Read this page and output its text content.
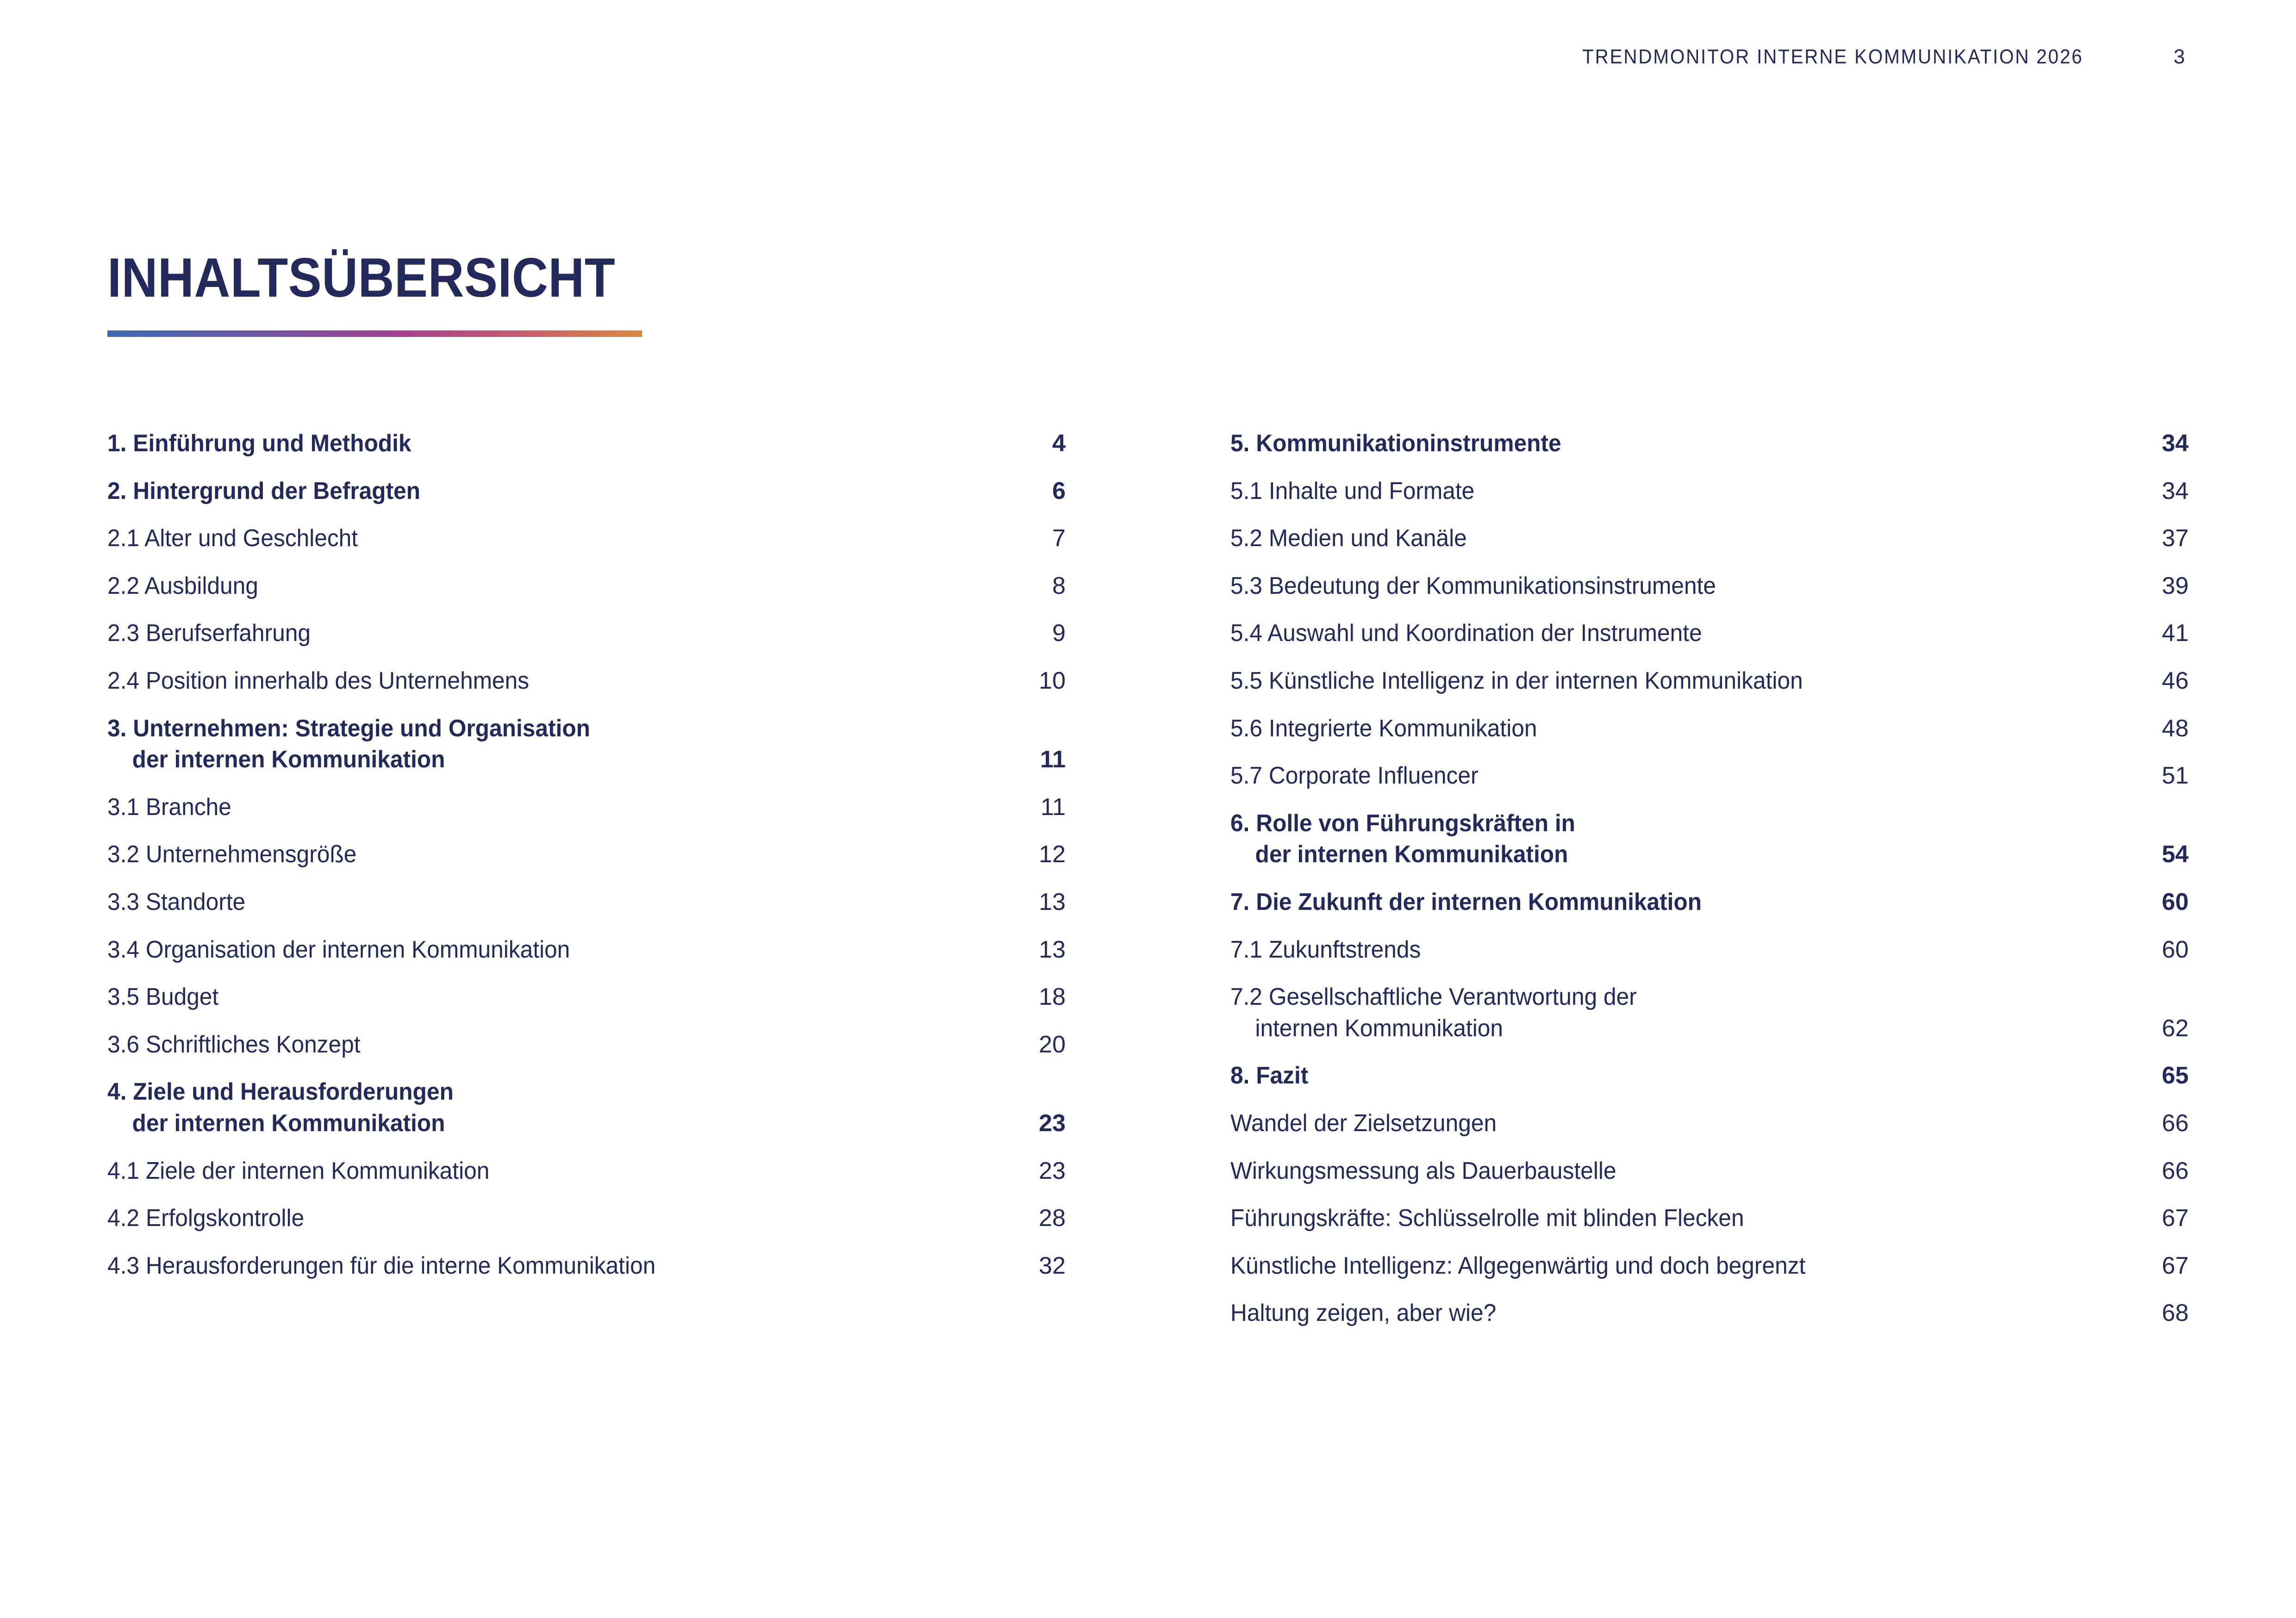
TRENDMONITOR INTERNE KOMMUNIKATION 2026	3
INHALTSÜBERSICHT
1. Einführung und Methodik	4
2. Hintergrund der Befragten	6
2.1 Alter und Geschlecht	7
2.2 Ausbildung	8
2.3 Berufserfahrung	9
2.4 Position innerhalb des Unternehmens	10
3. Unternehmen: Strategie und Organisation
der internen Kommunikation	11
3.1 Branche	11
3.2 Unternehmensgröße	12
3.3 Standorte	13
3.4 Organisation der internen Kommunikation	13
3.5 Budget	18
3.6 Schriftliches Konzept	20
4. Ziele und Herausforderungen
der internen Kommunikation	23
4.1 Ziele der internen Kommunikation	23
4.2 Erfolgskontrolle	28
4.3 Herausforderungen für die interne Kommunikation	32
5. Kommunikationinstrumente	34
5.1 Inhalte und Formate	34
5.2 Medien und Kanäle	37
5.3 Bedeutung der Kommunikationsinstrumente	39
5.4 Auswahl und Koordination der Instrumente	41
5.5 Künstliche Intelligenz in der internen Kommunikation	46
5.6 Integrierte Kommunikation	48
5.7 Corporate Influencer	51
6. Rolle von Führungskräften in
der internen Kommunikation	54
7. Die Zukunft der internen Kommunikation	60
7.1 Zukunftstrends	60
7.2 Gesellschaftliche Verantwortung der
internen Kommunikation	62
8. Fazit	65
Wandel der Zielsetzungen	66
Wirkungsmessung als Dauerbaustelle	66
Führungskräfte: Schlüsselrolle mit blinden Flecken	67
Künstliche Intelligenz: Allgegenwärtig und doch begrenzt	67
Haltung zeigen, aber wie?	68
